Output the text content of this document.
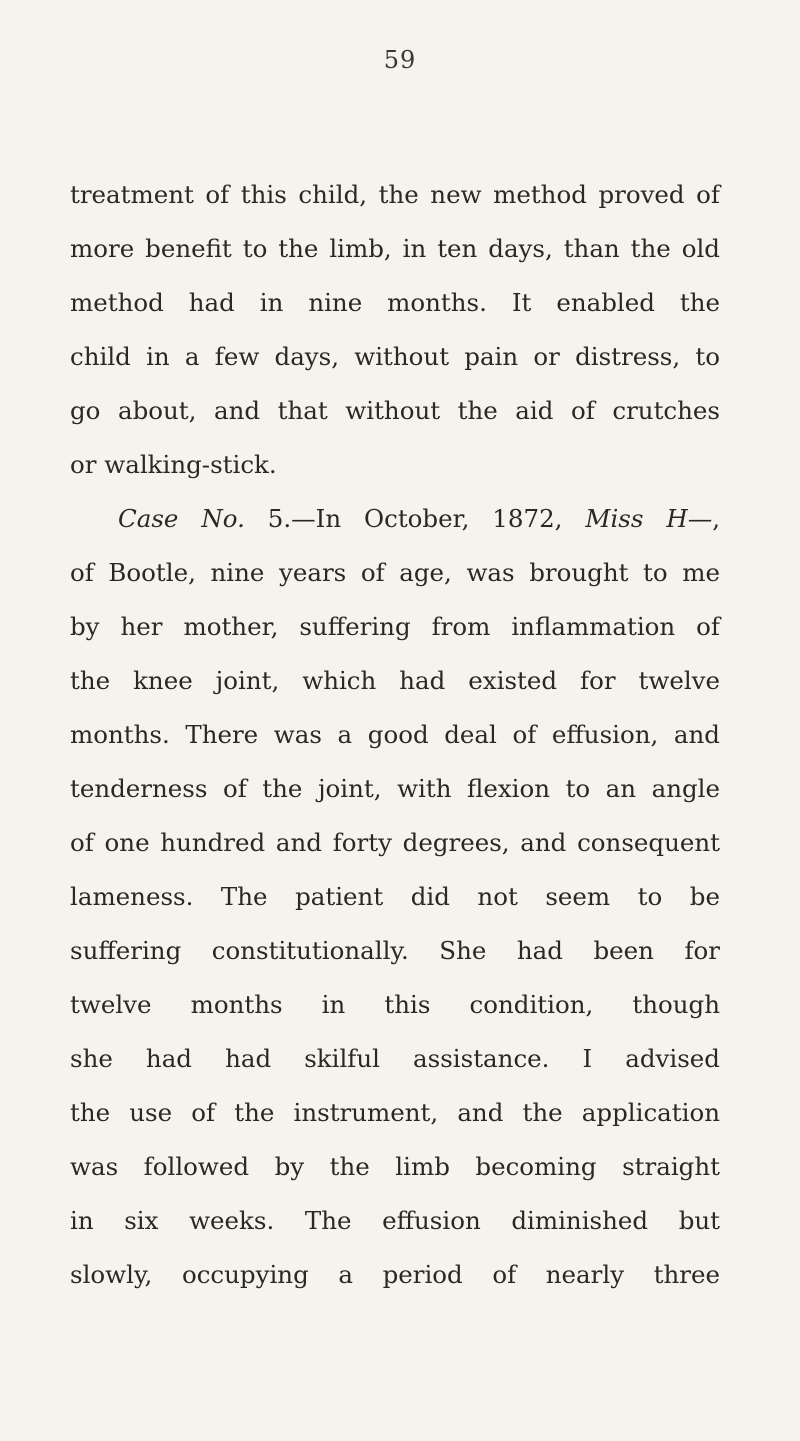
59
treatment of this child, the new method proved of
more benefit to the limb, in ten days, than the old
method had in nine months. It enabled the
child in a few days, without pain or distress, to
go about, and that without the aid of crutches
or walking-stick.
Case No. 5.—In October, 1872, Miss H—,
of Bootle, nine years of age, was brought to me
by her mother, suffering from inflammation of
the knee joint, which had existed for twelve
months. There was a good deal of effusion, and
tenderness of the joint, with flexion to an angle
of one hundred and forty degrees, and consequent
lameness. The patient did not seem to be
suffering constitutionally. She had been for
twelve months in this condition, though
she had had skilful assistance. I advised
the use of the instrument, and the application
was followed by the limb becoming straight
in six weeks. The effusion diminished but
slowly, occupying a period of nearly three
